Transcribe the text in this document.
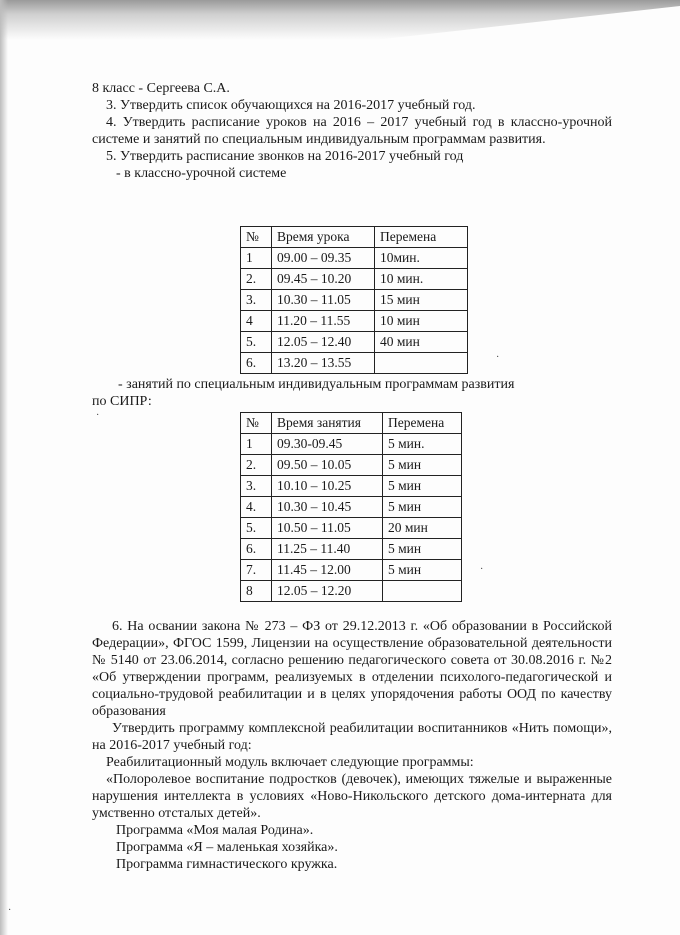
8 класс - Сергеева С.А.

3. Утвердить список обучающихся на 2016-2017 учебный год.

4. Утвердить расписание уроков на 2016 – 2017 учебный год в классно-урочной системе и занятий по специальным индивидуальным программам развития.

5. Утвердить расписание звонков на 2016-2017 учебный год

- в классно-урочной системе

№	Время урока	Перемена
1	09.00 – 09.35	10мин.
2.	09.45 – 10.20	10 мин.
3.	10.30 – 11.05	15 мин
4	11.20 – 11.55	10 мин
5.	12.05 – 12.40	40 мин
6.	13.20 – 13.55	

- занятий по специальным индивидуальным программам развития

по СИПР:

№	Время занятия	Перемена
1	09.30-09.45	5 мин.
2.	09.50 – 10.05	5 мин
3.	10.10 – 10.25	5 мин
4.	10.30 – 10.45	5 мин
5.	10.50 – 11.05	20 мин
6.	11.25 – 11.40	5 мин
7.	11.45 – 12.00	5 мин
8	12.05 – 12.20	

6. На освании закона № 273 – ФЗ от 29.12.2013 г. «Об образовании в Российской Федерации», ФГОС 1599, Лицензии на осуществление образовательной деятельности № 5140 от 23.06.2014, согласно решению педагогического совета от 30.08.2016 г. №2 «Об утверждении программ, реализуемых в отделении психолого-педагогической и социально-трудовой реабилитации и в целях упорядочения работы ООД по качеству образования

Утвердить программу комплексной реабилитации воспитанников «Нить помощи», на 2016-2017 учебный год:

Реабилитационный модуль включает следующие программы:

«Полоролевое воспитание подростков (девочек), имеющих тяжелые и выраженные нарушения интеллекта в условиях «Ново-Никольского детского дома-интерната для умственно отсталых детей».

Программа «Моя малая Родина».

Программа «Я – маленькая хозяйка».

Программа гимнастического кружка.

·
·
·
·
